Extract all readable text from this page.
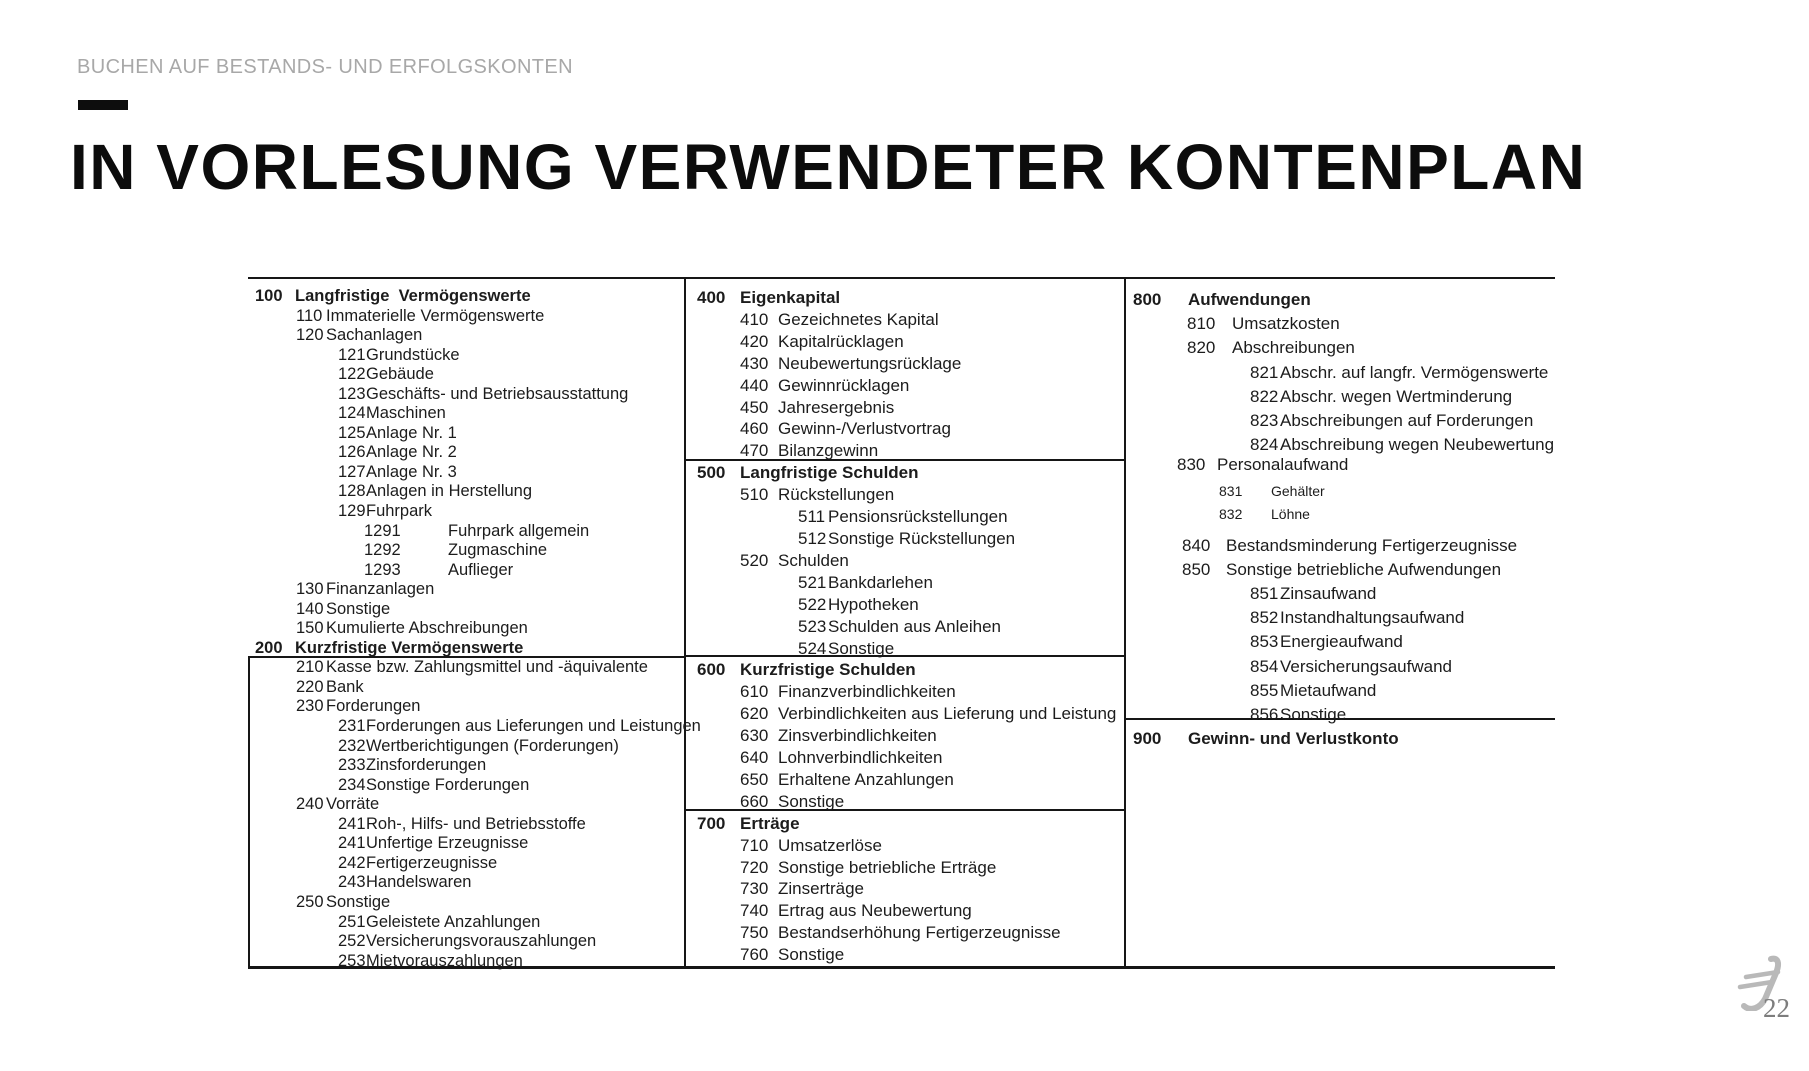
BUCHEN AUF BESTANDS- UND ERFOLGSKONTEN
IN VORLESUNG VERWENDETER KONTENPLAN
100 Langfristige  Vermögenswerte
110 Immaterielle Vermögenswerte
120 Sachanlagen
121Grundstücke
122Gebäude
123Geschäfts- und Betriebsausstattung
124Maschinen
125Anlage Nr. 1
126Anlage Nr. 2
127Anlage Nr. 3
128Anlagen in Herstellung
129Fuhrpark
1291	Fuhrpark allgemein
1292	Zugmaschine
1293	Auflieger
130 Finanzanlagen
140 Sonstige
150 Kumulierte Abschreibungen
200 Kurzfristige Vermögenswerte
210 Kasse bzw. Zahlungsmittel und -äquivalente
220 Bank
230 Forderungen
231Forderungen aus Lieferungen und Leistungen
232Wertberichtigungen (Forderungen)
233Zinsforderungen
234Sonstige Forderungen
240 Vorräte
241Roh-, Hilfs- und Betriebsstoffe
241Unfertige Erzeugnisse
242Fertigerzeugnisse
243Handelswaren
250 Sonstige
251Geleistete Anzahlungen
252Versicherungsvorauszahlungen
253Mietvorauszahlungen
400 Eigenkapital
410 Gezeichnetes Kapital
420 Kapitalrücklagen
430 Neubewertungsrücklage
440 Gewinnrücklagen
450 Jahresergebnis
460 Gewinn-/Verlustvortrag
470 Bilanzgewinn
500 Langfristige Schulden
510 Rückstellungen
511 Pensionsrückstellungen
512Sonstige Rückstellungen
520 Schulden
521Bankdarlehen
522Hypotheken
523Schulden aus Anleihen
524Sonstige
600 Kurzfristige Schulden
610 Finanzverbindlichkeiten
620 Verbindlichkeiten aus Lieferung und Leistung
630 Zinsverbindlichkeiten
640 Lohnverbindlichkeiten
650 Erhaltene Anzahlungen
660 Sonstige
700 Erträge
710 Umsatzerlöse
720 Sonstige betriebliche Erträge
730 Zinserträge
740 Ertrag aus Neubewertung
750 Bestandserhöhung Fertigerzeugnisse
760 Sonstige
800 Aufwendungen
810 Umsatzkosten
820 Abschreibungen
821Abschr. auf langfr. Vermögenswerte
822Abschr. wegen Wertminderung
823Abschreibungen auf Forderungen
824Abschreibung wegen Neubewertung
830 Personalaufwand
831 Gehälter
832 Löhne
840 Bestandsminderung Fertigerzeugnisse
850 Sonstige betriebliche Aufwendungen
851Zinsaufwand
852Instandhaltungsaufwand
853Energieaufwand
854Versicherungsaufwand
855Mietaufwand
856Sonstige
900 Gewinn- und Verlustkonto
22
